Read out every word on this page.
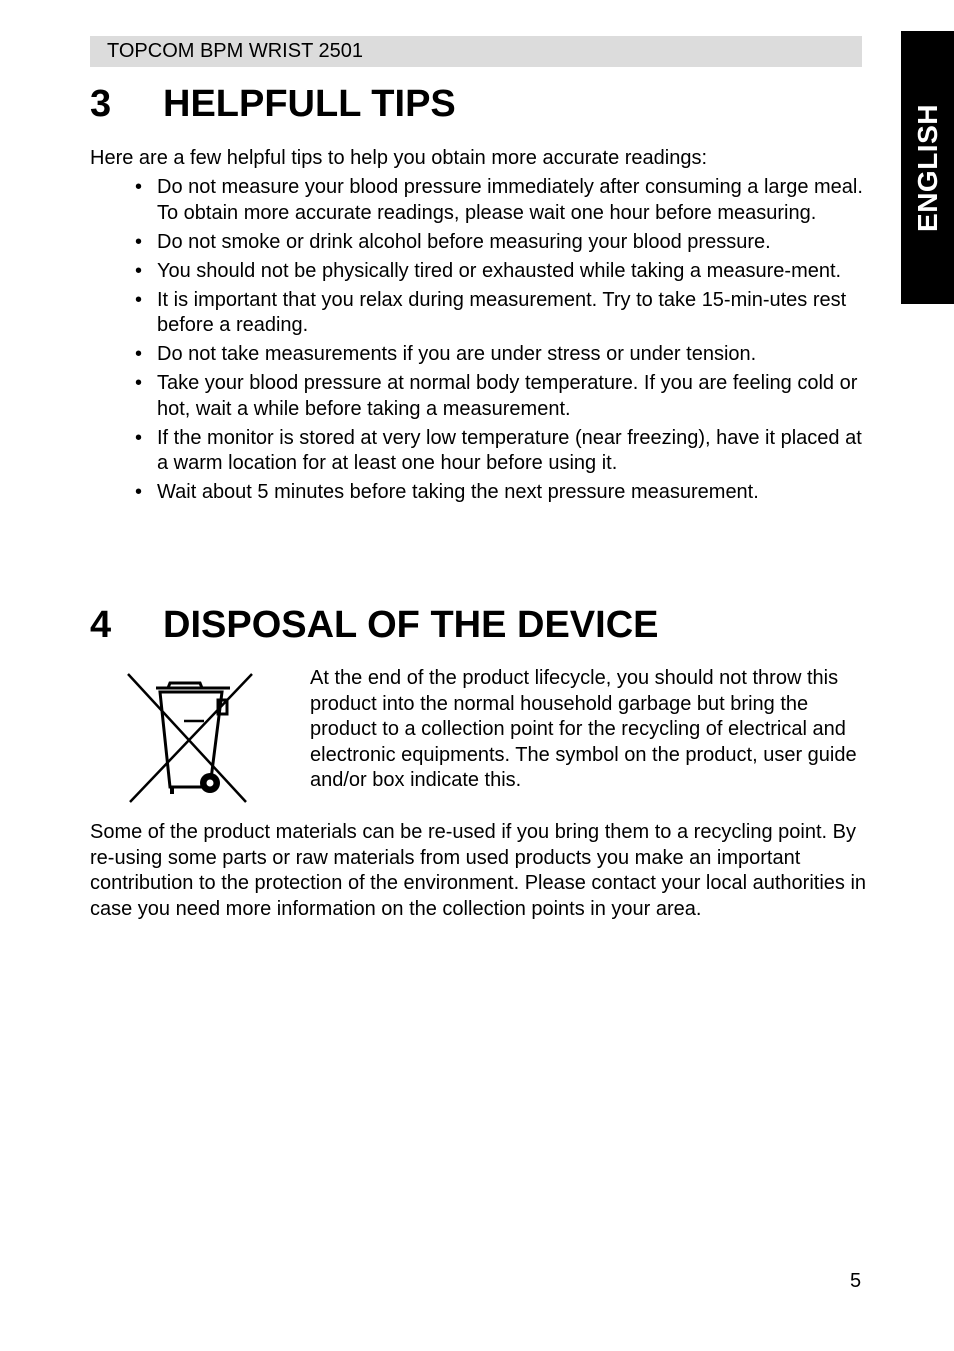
TOPCOM BPM WRIST 2501
ENGLISH
3 HELPFULL TIPS

Here are a few helpful tips to help you obtain more accurate readings:

• Do not measure your blood pressure immediately after consuming a large meal. To obtain more accurate readings, please wait one hour before measuring.
• Do not smoke or drink alcohol before measuring your blood pressure.
• You should not be physically tired or exhausted while taking a measure-ment.
• It is important that you relax during measurement. Try to take 15-min-utes rest before a reading.
• Do not take measurements if you are under stress or under tension.
• Take your blood pressure at normal body temperature. If you are feeling cold or hot, wait a while before taking a measurement.
• If the monitor is stored at very low temperature (near freezing), have it placed at a warm location for at least one hour before using it.
• Wait about 5 minutes before taking the next pressure measurement.
4 DISPOSAL OF THE DEVICE

At the end of the product lifecycle, you should not throw this product into the normal household garbage but bring the product to a collection point for the recycling of electrical and electronic equipments. The symbol on the product, user guide and/or box indicate this.

Some of the product materials can be re-used if you bring them to a recycling point. By re-using some parts or raw materials from used products you make an important contribution to the protection of the environment. Please contact your local authorities in case you need more information on the collection points in your area.

5
